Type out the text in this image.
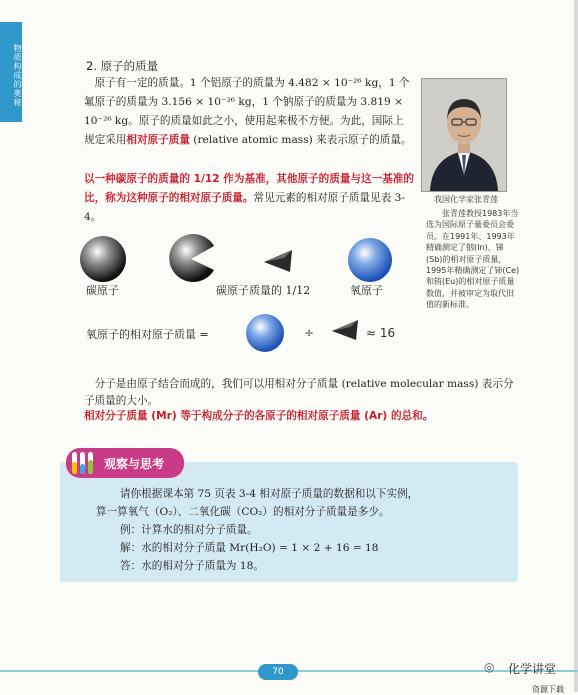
物质构成的奥秘	2. 原子的质量
原子有一定的质量。1 个铝原子的质量为 4.482 × 10⁻²⁶ kg，1 个氟原子的质量为 3.156 × 10⁻²⁶ kg，1 个钠原子的质量为 3.819 × 10⁻²⁶ kg。原子的质量如此之小，使用起来极不方便。为此，国际上规定采用相对原子质量 (relative atomic mass) 来表示原子的质量。
以一种碳原子的质量的 1/12 作为基准，其他原子的质量与这一基准的比，称为这种原子的相对原子质量。常见元素的相对原子质量见表 3-4。
我国化学家张青莲
张青莲教授1983年当选为国际原子量委员会委员。在1991年、1993年精确测定了铟(In)、锑(Sb)的相对原子质量，1995年精确测定了铈(Ce)和铕(Eu)的相对原子质量数值，并被审定为取代旧值的新标准。
碳原子	碳原子质量的 1/12	氧原子
氧原子的相对原子质量 =	÷	≈ 16
分子是由原子结合而成的，我们可以用相对分子质量 (relative molecular mass) 表示分子质量的大小。
相对分子质量 (Mr) 等于构成分子的各原子的相对原子质量 (Ar) 的总和。
观察与思考
请你根据课本第 75 页表 3-4 相对原子质量的数据和以下实例，
算一算氧气（O₂）、二氧化碳（CO₂）的相对分子质量是多少。
例：计算水的相对分子质量。
解：水的相对分子质量 Mr(H₂O) = 1 × 2 + 16 = 18
答：水的相对分子质量为 18。
70	◎ 化学讲堂
资源下载
